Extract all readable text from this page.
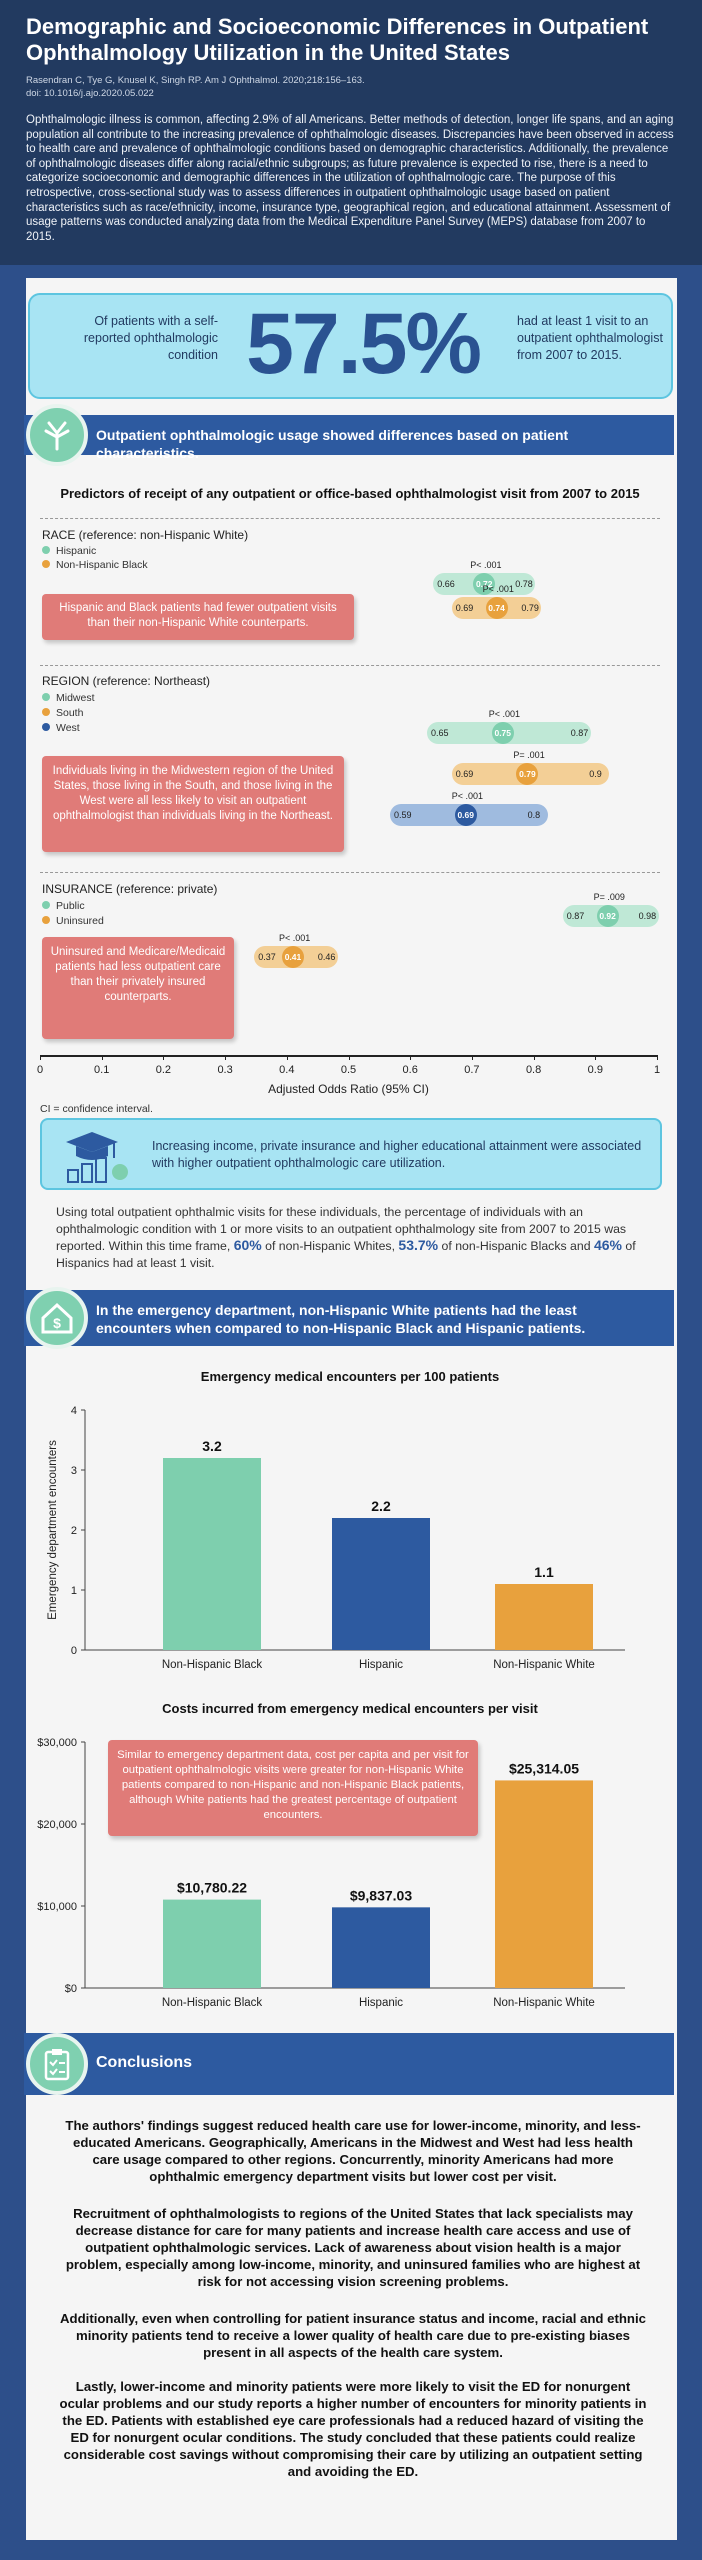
Demographic and Socioeconomic Differences in Outpatient Ophthalmology Utilization in the United States
Rasendran C, Tye G, Knusel K, Singh RP. Am J Ophthalmol. 2020;218:156–163.
doi: 10.1016/j.ajo.2020.05.022

Ophthalmologic illness is common, affecting 2.9% of all Americans. Better methods of detection, longer life spans, and an aging population all contribute to the increasing prevalence of ophthalmologic diseases. Discrepancies have been observed in access to health care and prevalence of ophthalmologic conditions based on demographic characteristics. Additionally, the prevalence of ophthalmologic diseases differ along racial/ethnic subgroups; as future prevalence is expected to rise, there is a need to categorize socioeconomic and demographic differences in the utilization of ophthalmologic care. The purpose of this retrospective, cross-sectional study was to assess differences in outpatient ophthalmologic usage based on patient characteristics such as race/ethnicity, income, insurance type, geographical region, and educational attainment. Assessment of usage patterns was conducted analyzing data from the Medical Expenditure Panel Survey (MEPS) database from 2007 to 2015.

Of patients with a self-reported ophthalmologic condition 57.5%	had at least 1 visit to an outpatient ophthalmologist from 2007 to 2015.
Outpatient ophthalmologic usage showed differences based on patient characteristics.
Predictors of receipt of any outpatient or office-based ophthalmologist visit from 2007 to 2015
RACE (reference: non-Hispanic White)
Hispanic
Non-Hispanic Black
Hispanic and Black patients had fewer outpatient visits than their non-Hispanic White counterparts.
REGION (reference: Northeast)
Midwest
South
West
Individuals living in the Midwestern region of the United States, those living in the South, and those living in the West were all less likely to visit an outpatient ophthalmologist than individuals living in the Northeast.
INSURANCE (reference: private)
Public
Uninsured
Uninsured and Medicare/Medicaid patients had less outpatient care than their privately insured counterparts.
0.66	0.78
0.72
P< .001
0.69	0.79
0.74
P< .001
0.65	0.87
0.75
P< .001
0.69	0.9
0.79
P= .001
0.59	0.8
0.69
P< .001
0.87	0.98
0.92
P= .009
0.37	0.46
0.41
P< .001
0	0.1	0.2	0.3	0.4	0.5	0.6	0.7	0.8	0.9	1
Adjusted Odds Ratio (95% CI)
CI = confidence interval.
Increasing income, private insurance and higher educational attainment were associated with higher outpatient ophthalmologic care utilization.

Using total outpatient ophthalmic visits for these individuals, the percentage of individuals with an ophthalmologic condition with 1 or more visits to an outpatient ophthalmology site from 2007 to 2015 was reported. Within this time frame, 60% of non-Hispanic Whites, 53.7% of non-Hispanic Blacks and 46% of Hispanics had at least 1 visit.

In the emergency department, non-Hispanic White patients had the least encounters when compared to non-Hispanic Black and Hispanic patients.
$
Emergency medical encounters per 100 patients
0
1
2
3
4
Emergency department encounters	3.2
Non-Hispanic Black
2.2
Hispanic
1.1
Non-Hispanic White
Costs incurred from emergency medical encounters per visit
$0
$10,000
$20,000
$30,000
$10,780.22
Non-Hispanic Black
$9,837.03
Hispanic
$25,314.05
Non-Hispanic White
Similar to emergency department data, cost per capita and per visit for outpatient ophthalmologic visits were greater for non-Hispanic White patients compared to non-Hispanic and non-Hispanic Black patients, although White patients had the greatest percentage of outpatient encounters.
Conclusions

The authors' findings suggest reduced health care use for lower-income, minority, and less-educated Americans. Geographically, Americans in the Midwest and West had less health care usage compared to other regions. Concurrently, minority Americans had more ophthalmic emergency department visits but lower cost per visit.

Recruitment of ophthalmologists to regions of the United States that lack specialists may decrease distance for care for many patients and increase health care access and use of outpatient ophthalmologic services. Lack of awareness about vision health is a major problem, especially among low-income, minority, and uninsured families who are highest at risk for not accessing vision screening problems.

Additionally, even when controlling for patient insurance status and income, racial and ethnic minority patients tend to receive a lower quality of health care due to pre-existing biases present in all aspects of the health care system.

Lastly, lower-income and minority patients were more likely to visit the ED for nonurgent ocular problems and our study reports a higher number of encounters for minority patients in the ED. Patients with established eye care professionals had a reduced hazard of visiting the ED for nonurgent ocular conditions. The study concluded that these patients could realize considerable cost savings without compromising their care by utilizing an outpatient setting and avoiding the ED.
